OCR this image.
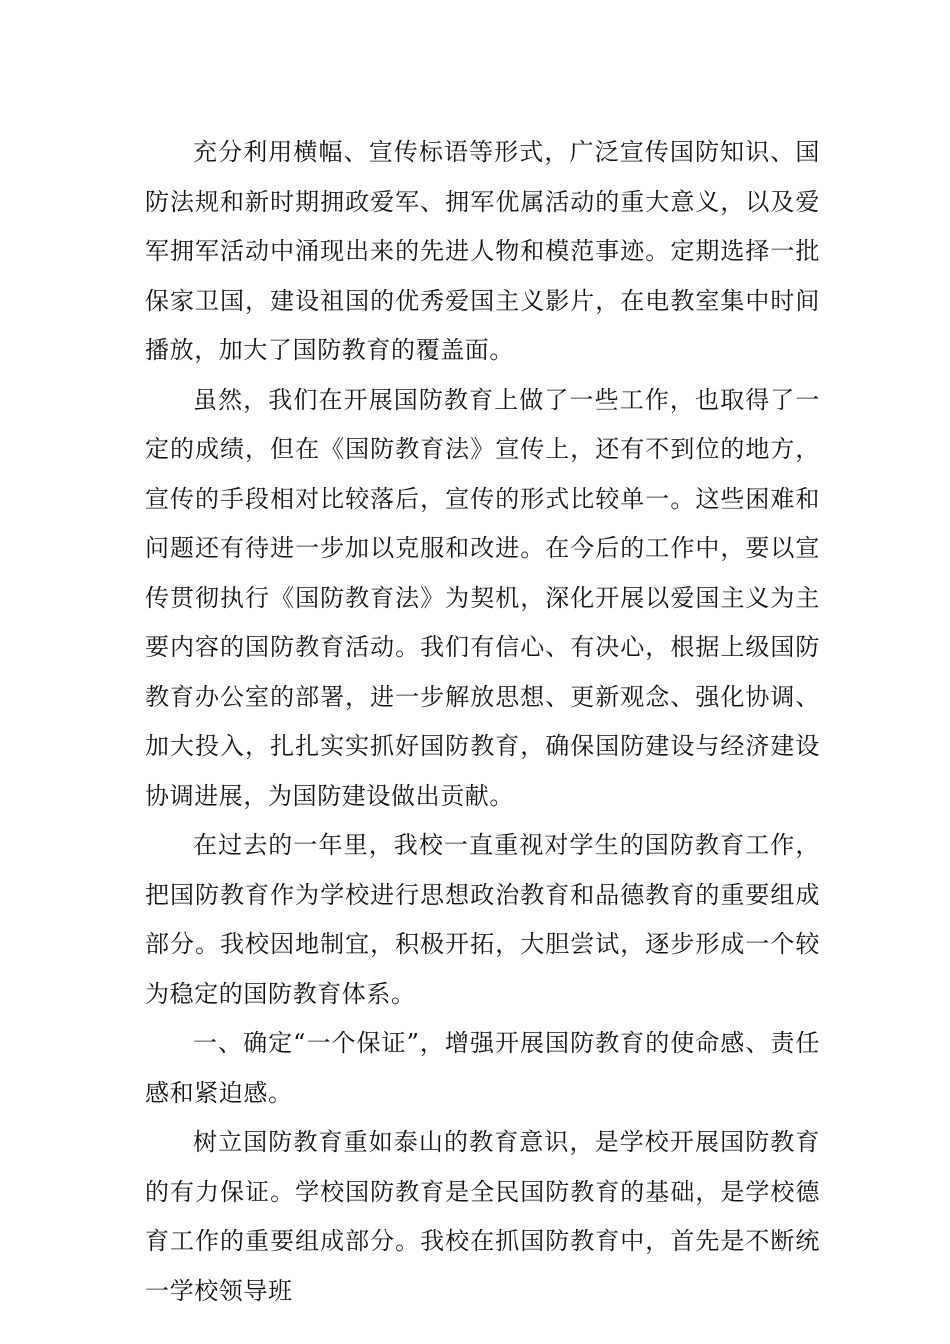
充分利用横幅、宣传标语等形式，广泛宣传国防知识、国防法规和新时期拥政爱军、拥军优属活动的重大意义，以及爱军拥军活动中涌现出来的先进人物和模范事迹。定期选择一批保家卫国，建设祖国的优秀爱国主义影片，在电教室集中时间播放，加大了国防教育的覆盖面。

虽然，我们在开展国防教育上做了一些工作，也取得了一定的成绩，但在《国防教育法》宣传上，还有不到位的地方，宣传的手段相对比较落后，宣传的形式比较单一。这些困难和问题还有待进一步加以克服和改进。在今后的工作中，要以宣传贯彻执行《国防教育法》为契机，深化开展以爱国主义为主要内容的国防教育活动。我们有信心、有决心，根据上级国防教育办公室的部署，进一步解放思想、更新观念、强化协调、加大投入，扎扎实实抓好国防教育，确保国防建设与经济建设协调进展，为国防建设做出贡献。

在过去的一年里，我校一直重视对学生的国防教育工作，把国防教育作为学校进行思想政治教育和品德教育的重要组成部分。我校因地制宜，积极开拓，大胆尝试，逐步形成一个较为稳定的国防教育体系。

一、确定“一个保证”，增强开展国防教育的使命感、责任感和紧迫感。

树立国防教育重如泰山的教育意识，是学校开展国防教育的有力保证。学校国防教育是全民国防教育的基础，是学校德育工作的重要组成部分。我校在抓国防教育中，首先是不断统一学校领导班
